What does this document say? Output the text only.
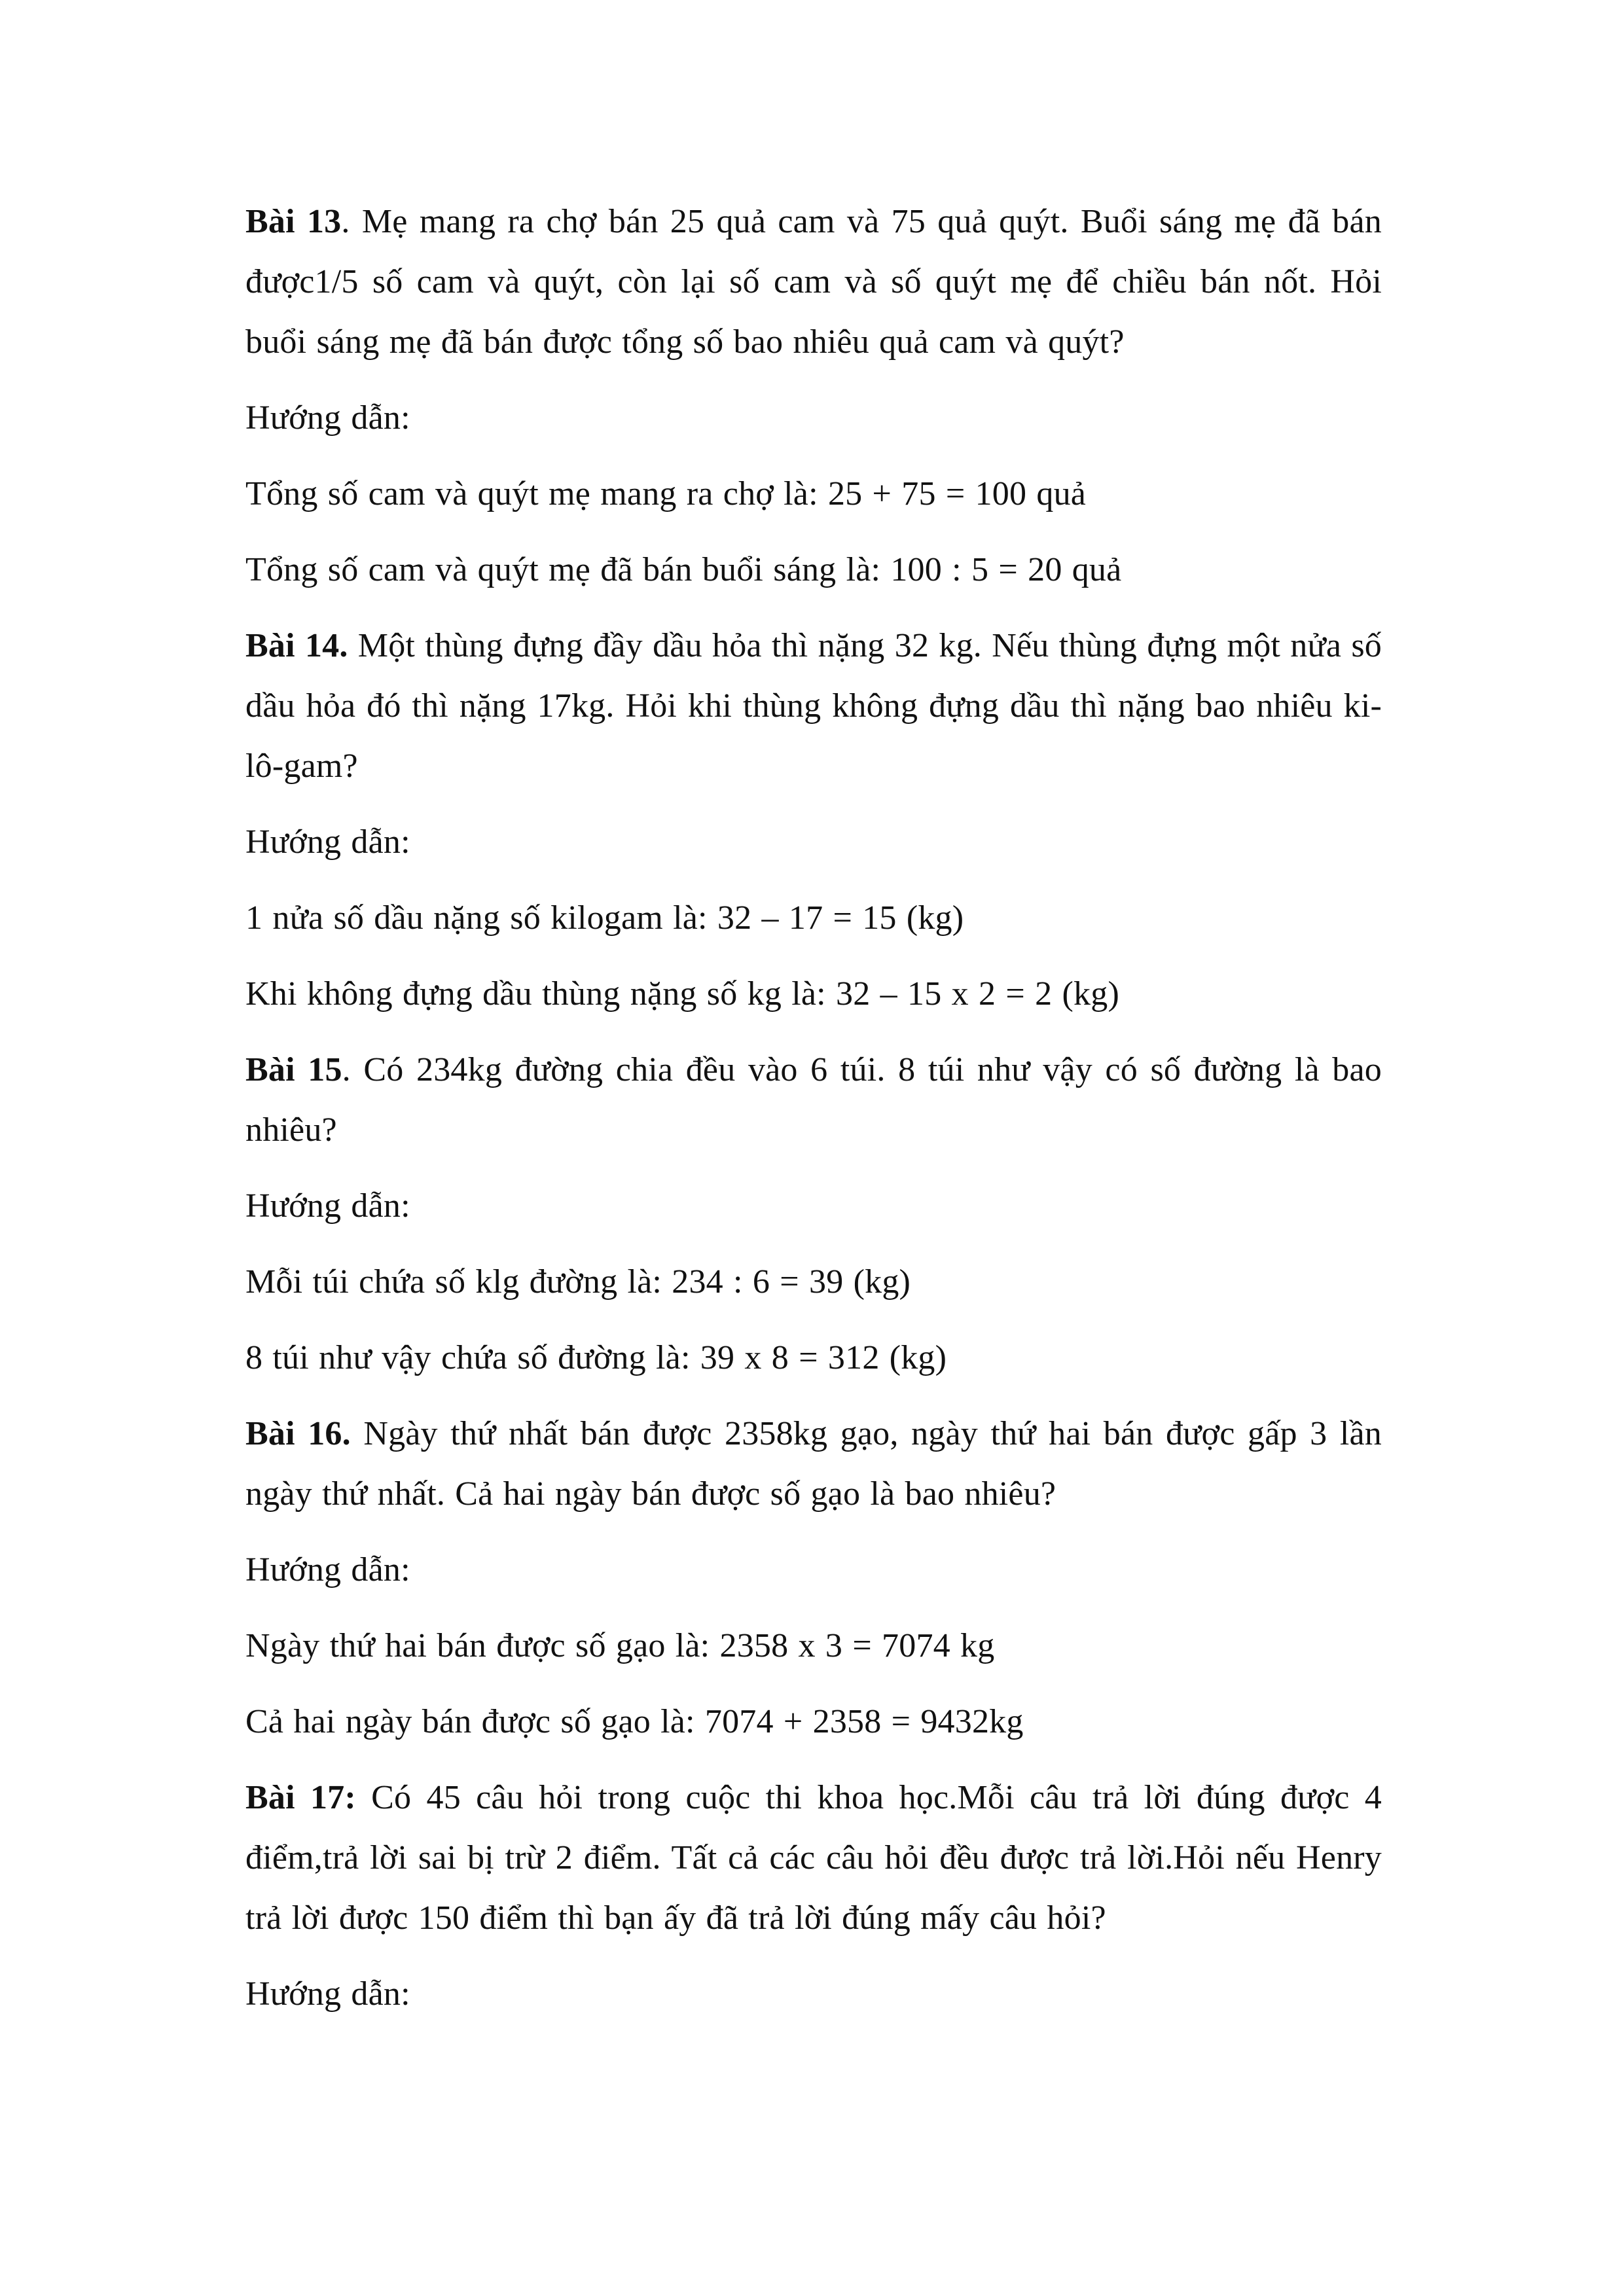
Bài 13. Mẹ mang ra chợ bán 25 quả cam và 75 quả quýt. Buổi sáng mẹ đã bán được1/5 số cam và quýt, còn lại số cam và số quýt mẹ để chiều bán nốt. Hỏi buổi sáng mẹ đã bán được tổng số bao nhiêu quả cam và quýt?

Hướng dẫn:

Tổng số cam và quýt mẹ mang ra chợ là: 25 + 75 = 100 quả

Tổng số cam và quýt mẹ đã bán buổi sáng là: 100 : 5 = 20 quả

Bài 14. Một thùng đựng đầy dầu hỏa thì nặng 32 kg. Nếu thùng đựng một nửa số dầu hỏa đó thì nặng 17kg. Hỏi khi thùng không đựng dầu thì nặng bao nhiêu ki-lô-gam?

Hướng dẫn:

1 nửa số dầu nặng số kilogam là: 32 – 17 = 15 (kg)

Khi không đựng dầu thùng nặng số kg là: 32 – 15 x 2 = 2 (kg)

Bài 15. Có 234kg đường chia đều vào 6 túi. 8 túi như vậy có số đường là bao nhiêu?

Hướng dẫn:

Mỗi túi chứa số klg đường là: 234 : 6 = 39 (kg)

8 túi như vậy chứa số đường là: 39 x 8 = 312 (kg)

Bài 16. Ngày thứ nhất bán được 2358kg gạo, ngày thứ hai bán được gấp 3 lần ngày thứ nhất. Cả hai ngày bán được số gạo là bao nhiêu?

Hướng dẫn:

Ngày thứ hai bán được số gạo là: 2358 x 3 = 7074 kg

Cả hai ngày bán được số gạo là: 7074 + 2358 = 9432kg

Bài 17: Có 45 câu hỏi trong cuộc thi khoa học.Mỗi câu trả lời đúng được 4 điểm,trả lời sai bị trừ 2 điểm. Tất cả các câu hỏi đều được trả lời.Hỏi nếu Henry trả lời được 150 điểm thì bạn ấy đã trả lời đúng mấy câu hỏi?

Hướng dẫn:
